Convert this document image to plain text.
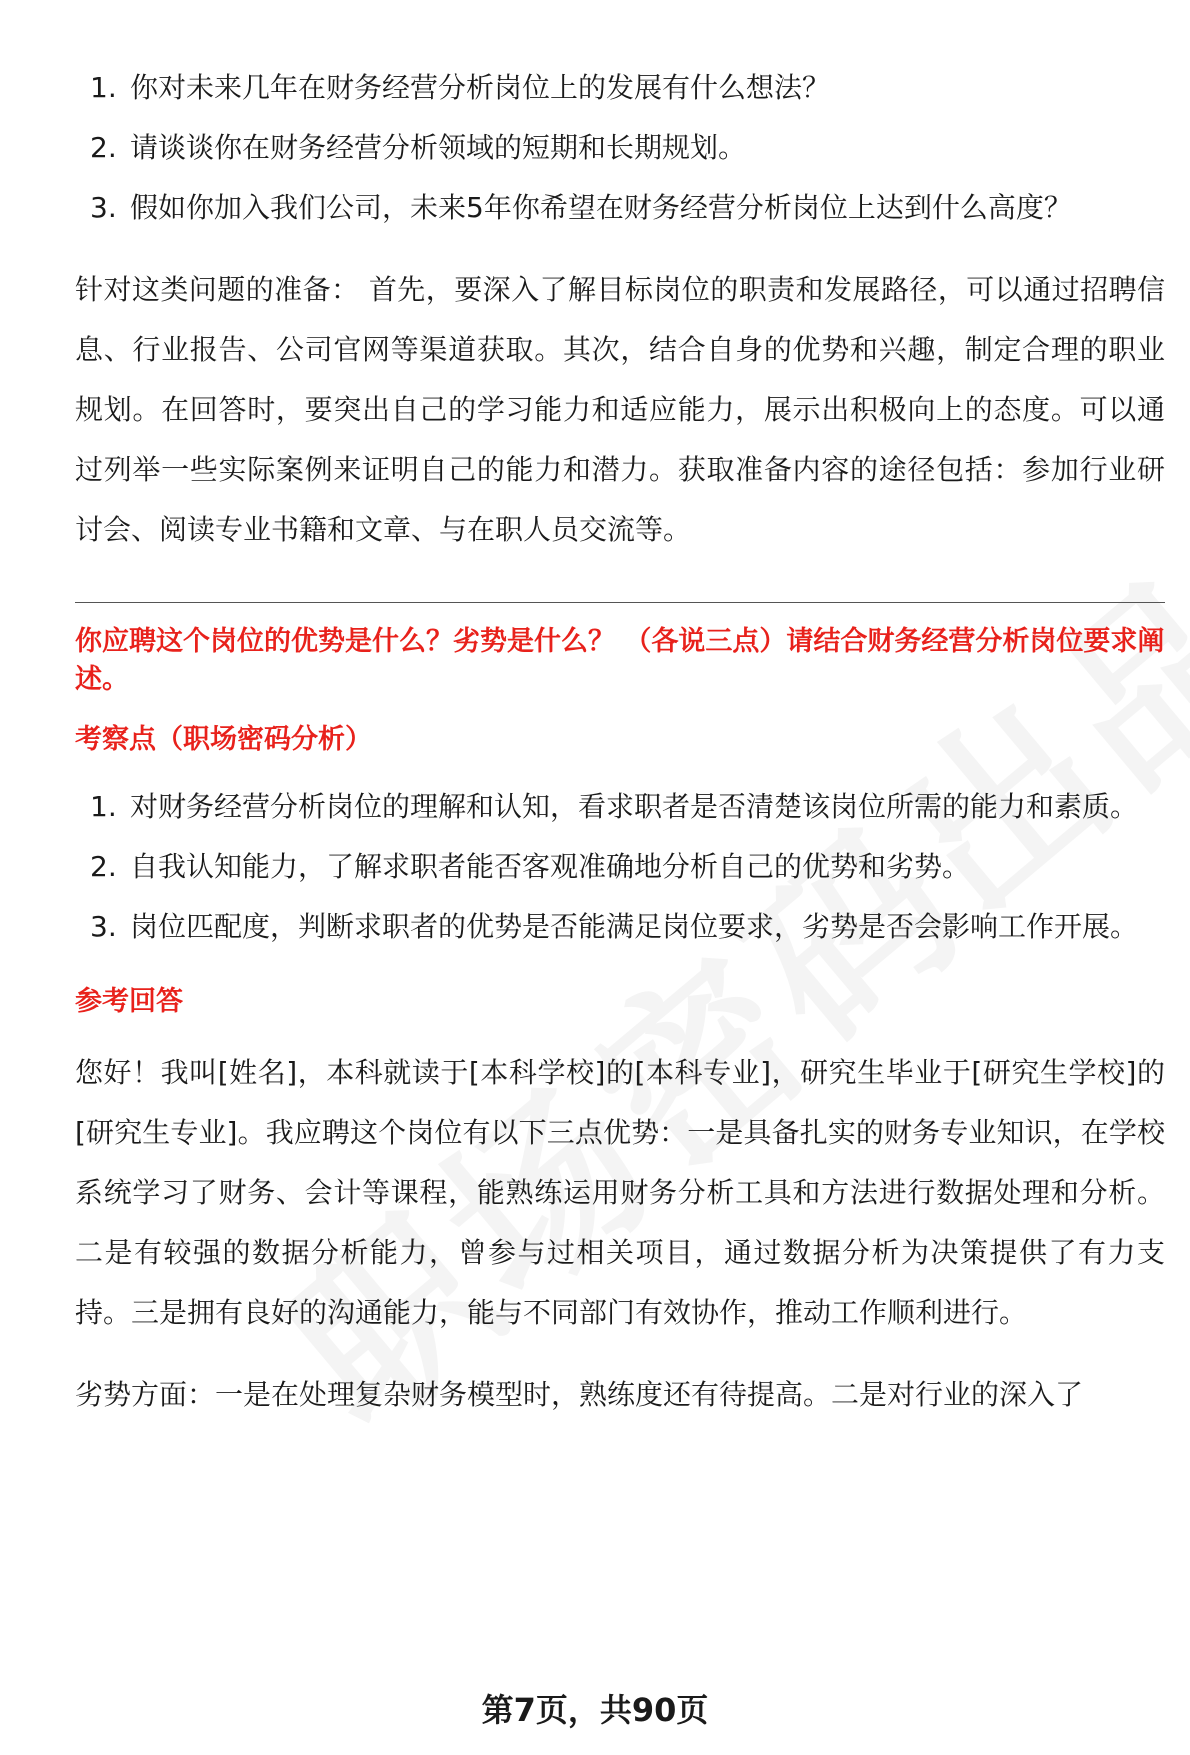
1. 你对未来几年在财务经营分析岗位上的发展有什么想法？
2. 请谈谈你在财务经营分析领域的短期和长期规划。
3. 假如你加入我们公司，未来5年你希望在财务经营分析岗位上达到什么高度？

针对这类问题的准备： 首先，要深入了解目标岗位的职责和发展路径，可以通过招聘信息、行业报告、公司官网等渠道获取。其次，结合自身的优势和兴趣，制定合理的职业规划。在回答时，要突出自己的学习能力和适应能力，展示出积极向上的态度。可以通过列举一些实际案例来证明自己的能力和潜力。获取准备内容的途径包括：参加行业研讨会、阅读专业书籍和文章、与在职人员交流等。

你应聘这个岗位的优势是什么？劣势是什么？ （各说三点）请结合财务经营分析岗位要求阐述。

考察点（职场密码分析）

1. 对财务经营分析岗位的理解和认知，看求职者是否清楚该岗位所需的能力和素质。
2. 自我认知能力，了解求职者能否客观准确地分析自己的优势和劣势。
3. 岗位匹配度，判断求职者的优势是否能满足岗位要求，劣势是否会影响工作开展。

参考回答

您好！我叫[姓名]，本科就读于[本科学校]的[本科专业]，研究生毕业于[研究生学校]的[研究生专业]。我应聘这个岗位有以下三点优势：一是具备扎实的财务专业知识，在学校系统学习了财务、会计等课程，能熟练运用财务分析工具和方法进行数据处理和分析。二是有较强的数据分析能力，曾参与过相关项目，通过数据分析为决策提供了有力支持。三是拥有良好的沟通能力，能与不同部门有效协作，推动工作顺利进行。

劣势方面：一是在处理复杂财务模型时，熟练度还有待提高。二是对行业的深入了

第7页，共90页
